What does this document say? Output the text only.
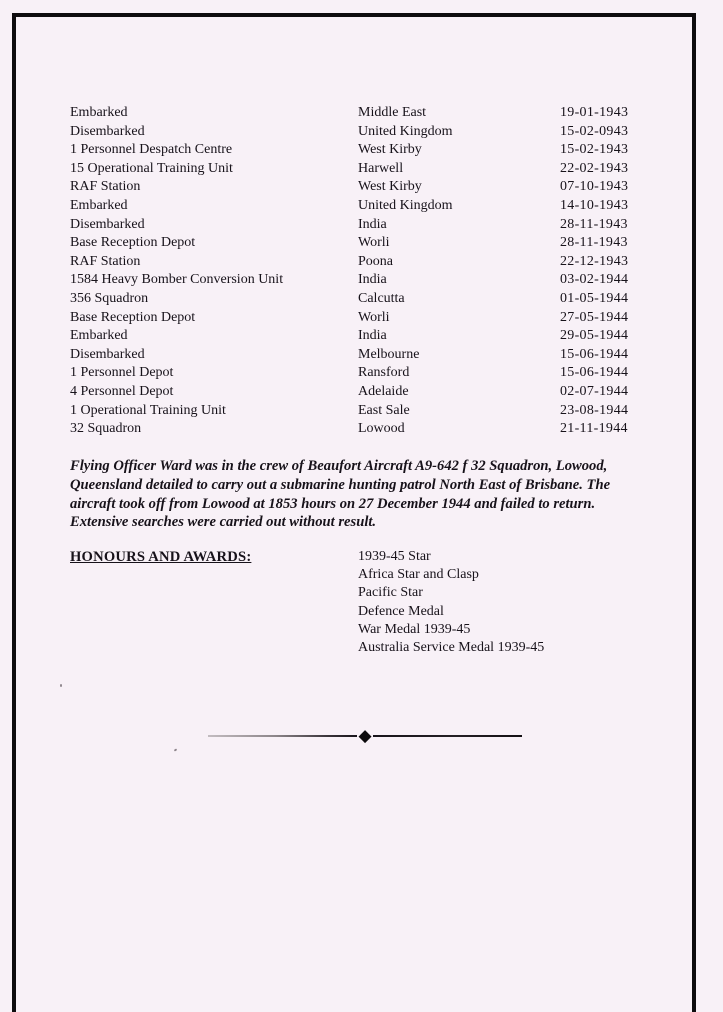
Embarked	Middle East	19-01-1943
Disembarked	United Kingdom	15-02-0943
1 Personnel Despatch Centre	West Kirby	15-02-1943
15 Operational Training Unit	Harwell	22-02-1943
RAF Station	West Kirby	07-10-1943
Embarked	United Kingdom	14-10-1943
Disembarked	India	28-11-1943
Base Reception Depot	Worli	28-11-1943
RAF Station	Poona	22-12-1943
1584 Heavy Bomber Conversion Unit	India	03-02-1944
356 Squadron	Calcutta	01-05-1944
Base Reception Depot	Worli	27-05-1944
Embarked	India	29-05-1944
Disembarked	Melbourne	15-06-1944
1 Personnel Depot	Ransford	15-06-1944
4 Personnel Depot	Adelaide	02-07-1944
1 Operational Training Unit	East Sale	23-08-1944
32 Squadron	Lowood	21-11-1944
Flying Officer Ward was in the crew of Beaufort Aircraft A9-642 f 32 Squadron, Lowood,
Queensland detailed to carry out a submarine hunting patrol North East of Brisbane. The
aircraft took off from Lowood at 1853 hours on 27 December 1944 and failed to return.
Extensive searches were carried out without result.
HONOURS AND AWARDS:	1939-45 Star
Africa Star and Clasp
Pacific Star
Defence Medal
War Medal 1939-45
Australia Service Medal 1939-45
◆
